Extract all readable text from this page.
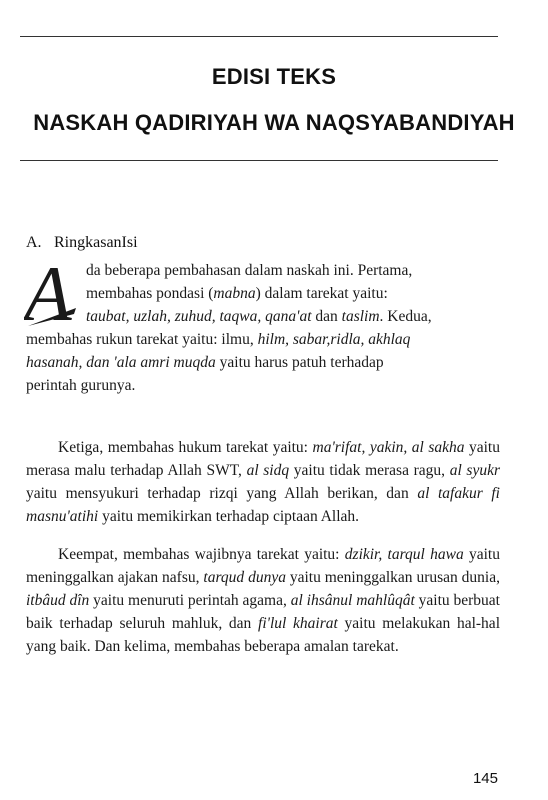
EDISI TEKS
NASKAH QADIRIYAH WA NAQSYABANDIYAH
A. RingkasanIsi
A da beberapa pembahasan dalam naskah ini. Pertama,
membahas pondasi (mabna) dalam tarekat yaitu:
taubat, uzlah, zuhud, taqwa, qana'at dan taslim. Kedua,
membahas rukun tarekat yaitu: ilmu, hilm, sabar,ridla, akhlaq
hasanah, dan 'ala amri muqda yaitu harus patuh terhadap
perintah gurunya.
Ketiga, membahas hukum tarekat yaitu: ma'rifat, yakin, al sakha yaitu merasa malu terhadap Allah SWT, al sidq yaitu tidak merasa ragu, al syukr yaitu mensyukuri terhadap rizqi yang Allah berikan, dan al tafakur fi masnu'atihi yaitu memikirkan terhadap ciptaan Allah.
Keempat, membahas wajibnya tarekat yaitu: dzikir, tarqul hawa yaitu meninggalkan ajakan nafsu, tarqud dunya yaitu meninggalkan urusan dunia, itbâud dîn yaitu menuruti perintah agama, al ihsânul mahlûqât yaitu berbuat baik terhadap seluruh mahluk, dan fi'lul khairat yaitu melakukan hal-hal yang baik. Dan kelima, membahas beberapa amalan tarekat.
145
